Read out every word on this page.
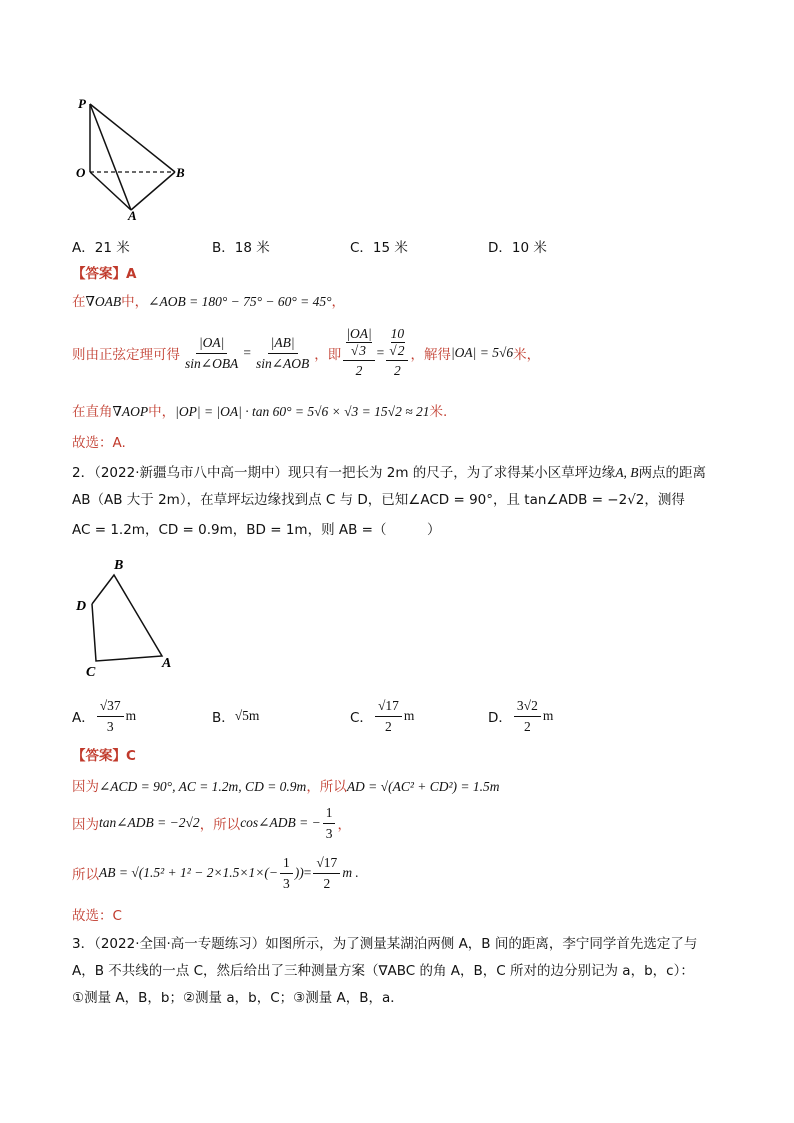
P
O	B
A
A．21 米	B．18 米	C．15 米	D．10 米
【答案】A
在∇OAB中，∠AOB = 180° − 75° − 60° = 45°，
则由正弦定理可得 $\frac{|OA|}{\text{sin∠OBA}} = \frac{|AB|}{\text{sin∠AOB}}$ ，即 $\frac{\frac{|OA|}{√3}}{2} = \frac{\frac{10}{√2}}{2}$ ，解得 |OA| = 5√6 米，
在直角∇AOP中，|OP| = |OA| · tan 60° = 5√6 × √3 = 15√2 ≈ 21米.
故选：A.
2．（2022·新疆乌市八中高一期中）现只有一把长为 2m 的尺子，为了求得某小区草坪边缘A, B两点的距离
AB（AB 大于 2m），在草坪坛边缘找到点 C 与 D，已知∠ACD = 90°，且 tan∠ADB = −2√2，测得
AC = 1.2m，CD = 0.9m，BD = 1m，则 AB =（　　　）
B
D
C
A
A． $\frac{√37}{3}$ m	B． √5m	C． $\frac{√17}{2}$ m	D． $\frac{3√2}{2}$ m
【答案】C
因为∠ACD = 90°, AC = 1.2m, CD = 0.9m，所以AD = √(AC² + CD²) = 1.5m
因为 tan∠ADB = −2√2 ，所以 cos∠ADB = − $\frac{1}{3}$ ，
所以 AB = $√(1.5^2 + 1^2 - 2\times 1.5\times 1\times(- \frac{1}{3}$ )) = $\frac{√17}{2}$ m .
故选：C
3．（2022·全国·高一专题练习）如图所示，为了测量某湖泊两侧 A，B 间的距离，李宁同学首先选定了与
A，B 不共线的一点 C，然后给出了三种测量方案（∇ABC 的角 A，B，C 所对的边分别记为 a，b，c）：
①测量 A，B，b；②测量 a，b，C；③测量 A，B，a．
